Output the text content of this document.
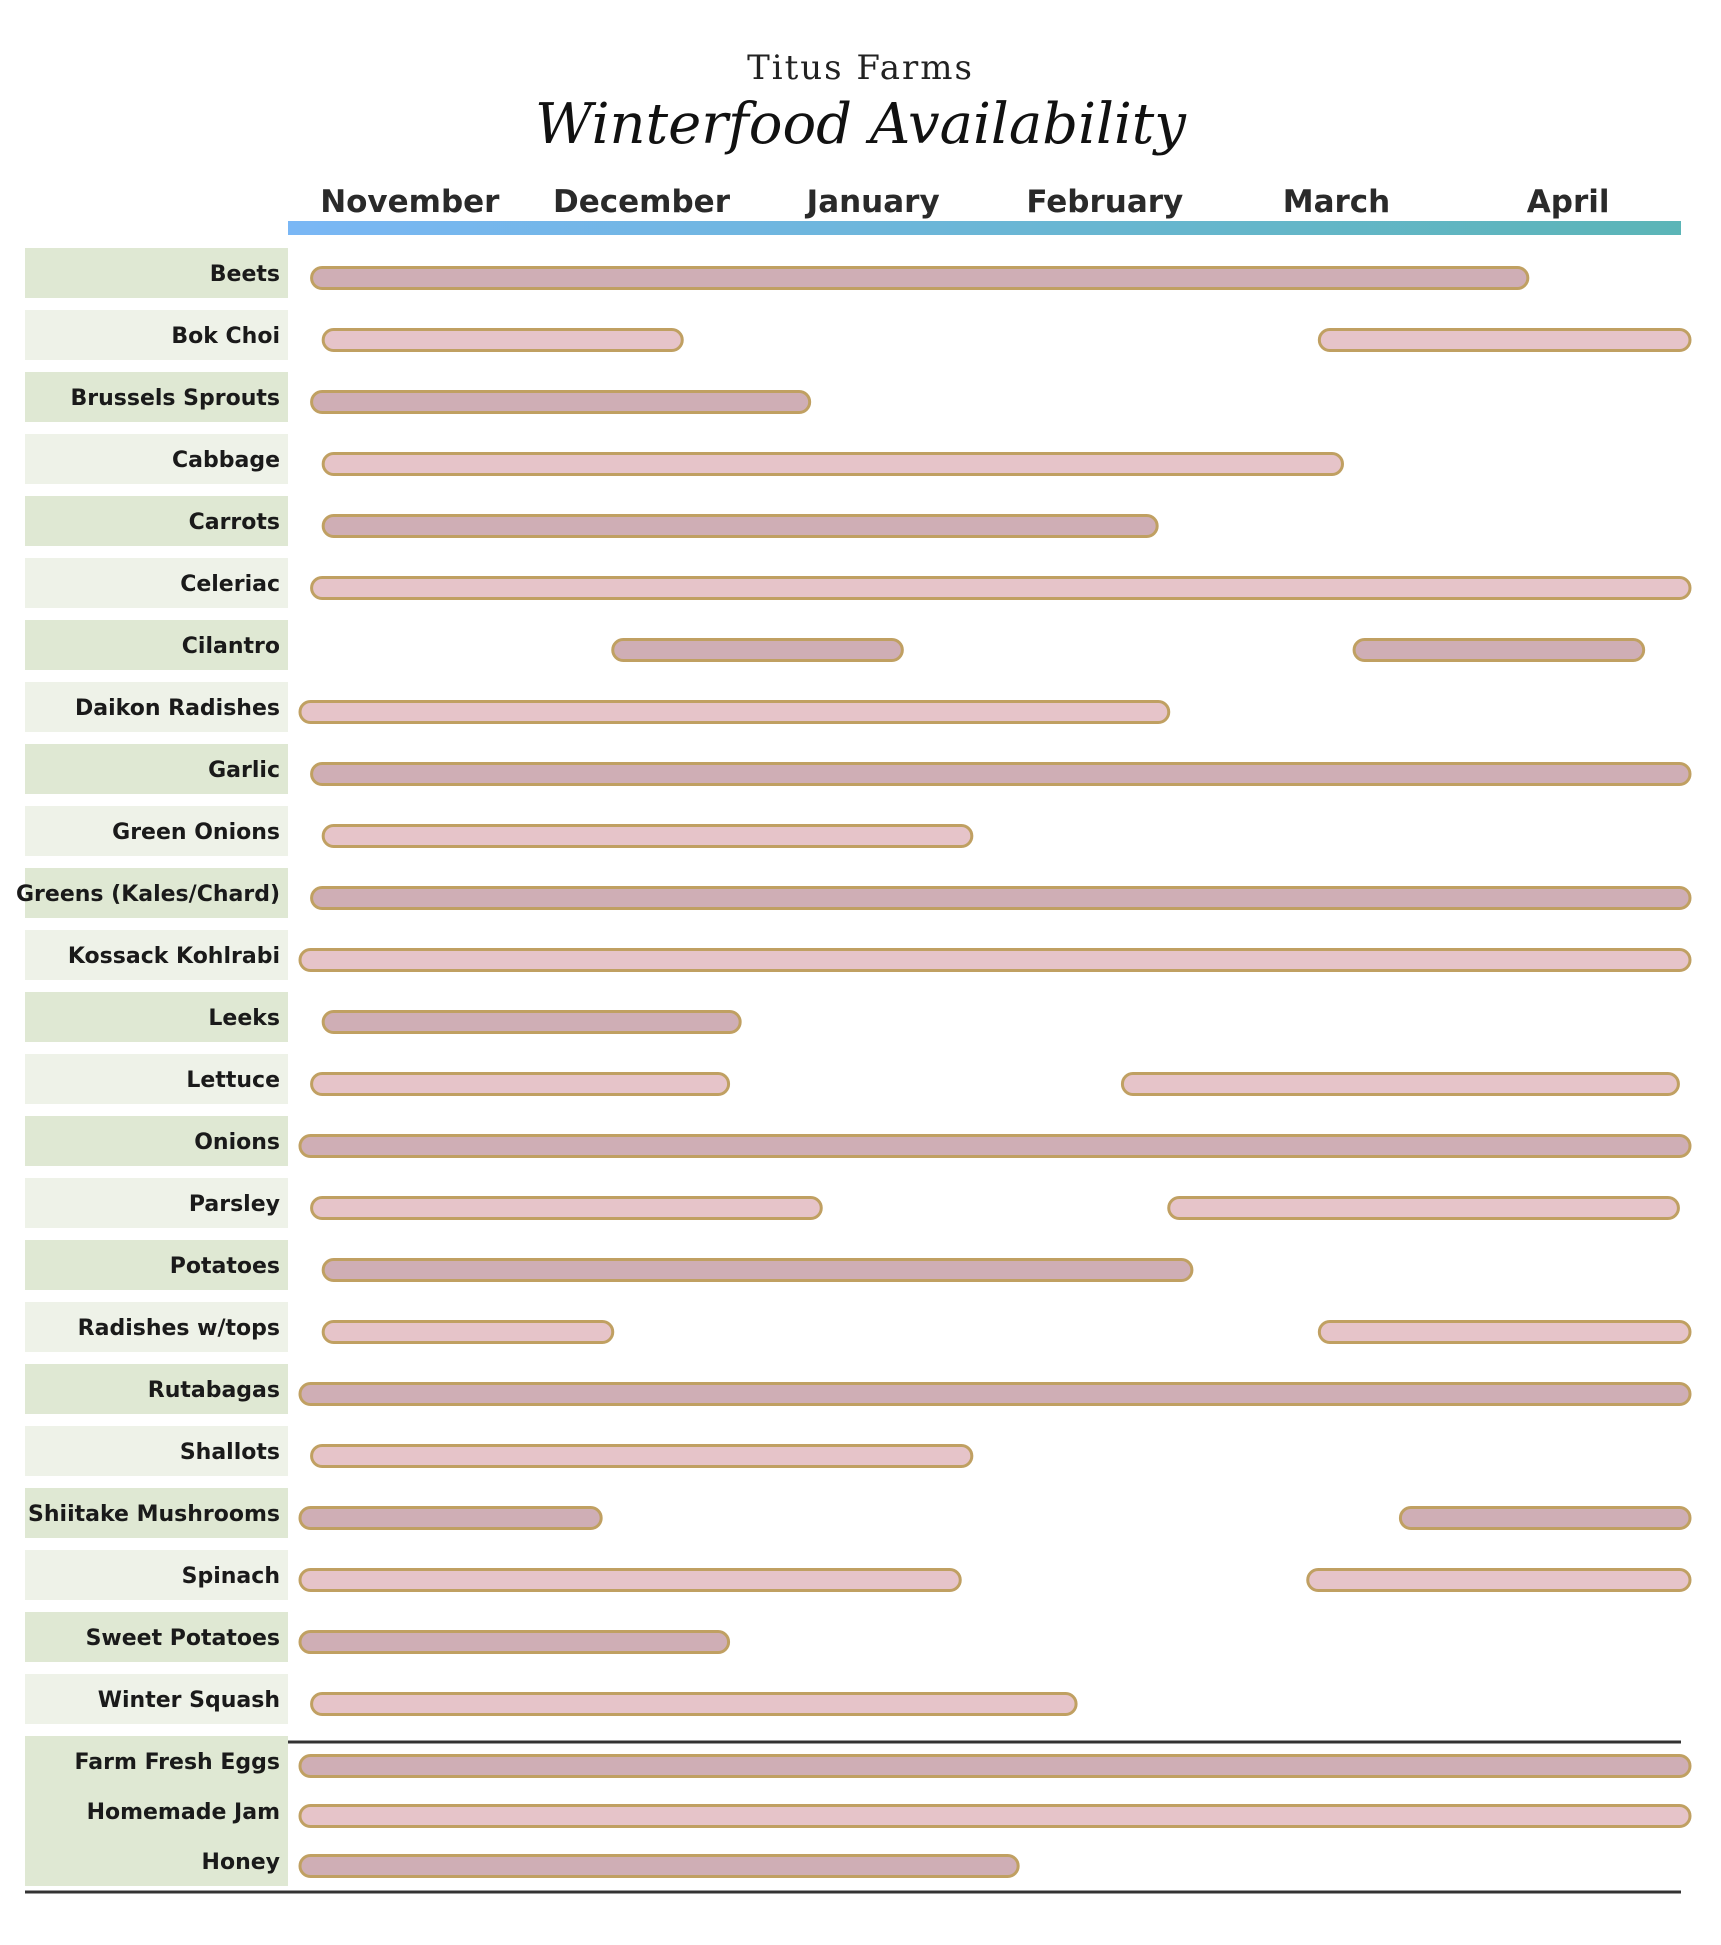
Titus Farms
Winterfood Availability
November December January	February	March	April
Beets
Bok Choi
Brussels Sprouts
Cabbage
Carrots
Celeriac
Cilantro
Daikon Radishes
Garlic
Green Onions
Greens (Kales/Chard)
Kossack Kohlrabi
Leeks
Lettuce
Onions
Parsley
Potatoes
Radishes w/tops
Rutabagas
Shallots
Shiitake Mushrooms
Spinach
Sweet Potatoes
Winter Squash
Farm Fresh Eggs
Homemade Jam
Honey
